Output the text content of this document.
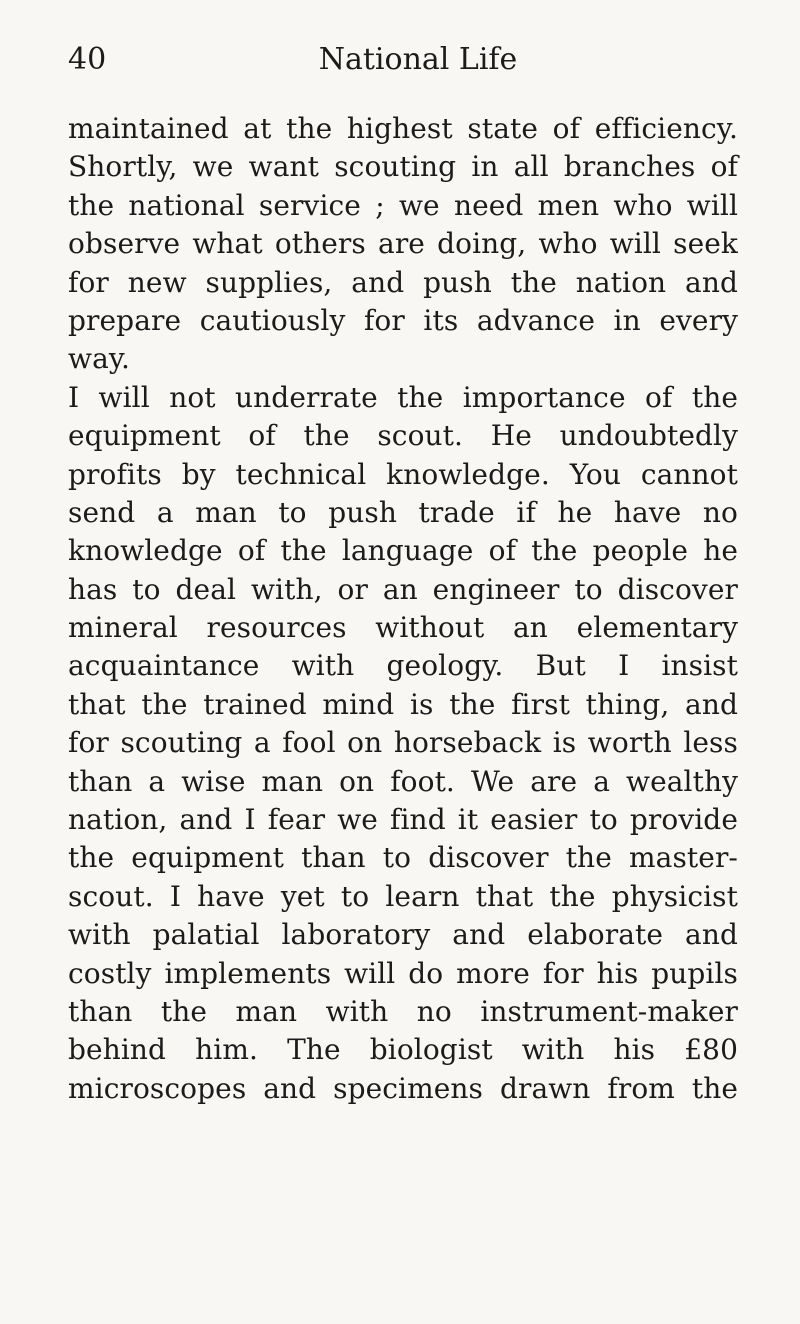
40	National Life
maintained at the highest state of efficiency.
Shortly, we want scouting in all branches of
the national service ; we need men who will
observe what others are doing, who will seek
for new supplies, and push the nation and
prepare cautiously for its advance in every
way.
I will not underrate the importance of the
equipment of the scout. He undoubtedly
profits by technical knowledge. You cannot
send a man to push trade if he have no
knowledge of the language of the people he
has to deal with, or an engineer to discover
mineral resources without an elementary
acquaintance with geology. But I insist
that the trained mind is the first thing, and
for scouting a fool on horseback is worth less
than a wise man on foot. We are a wealthy
nation, and I fear we find it easier to provide
the equipment than to discover the master-
scout. I have yet to learn that the physicist
with palatial laboratory and elaborate and
costly implements will do more for his pupils
than the man with no instrument-maker
behind him. The biologist with his £80
microscopes and specimens drawn from the
